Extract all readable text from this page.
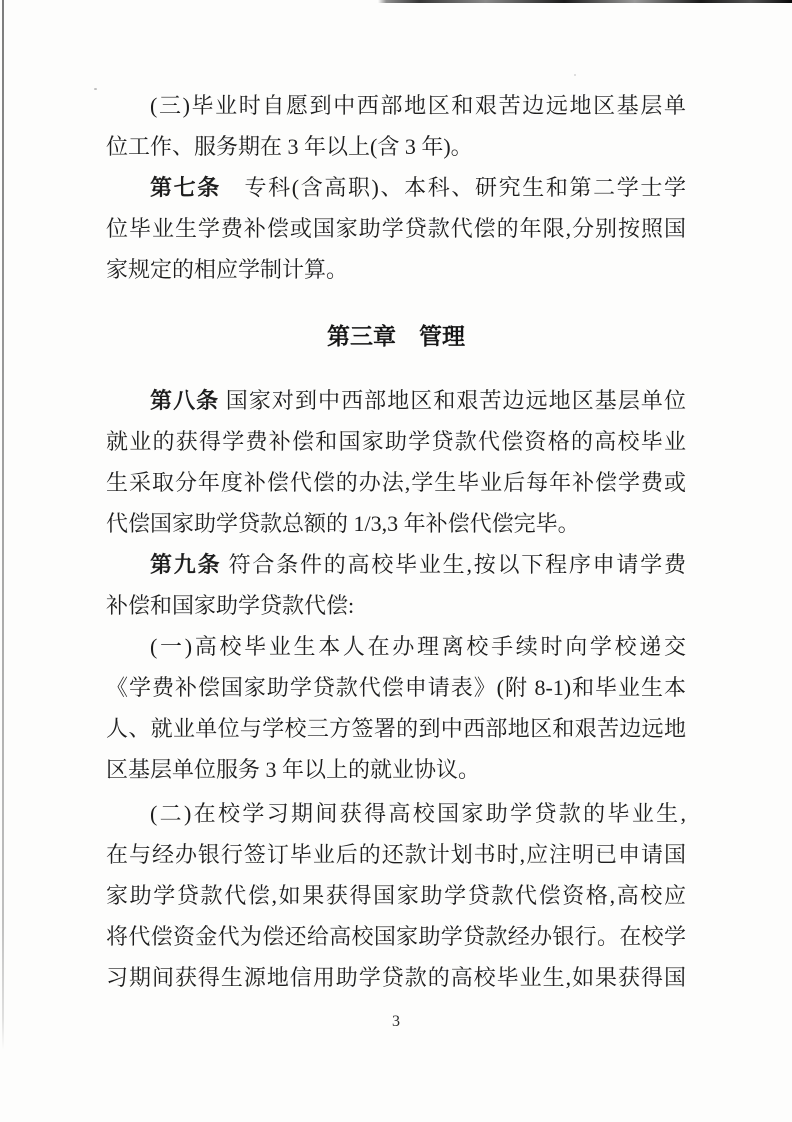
(三)毕业时自愿到中西部地区和艰苦边远地区基层单
位工作、服务期在 3 年以上(含 3 年)。
第七条　专科(含高职)、本科、研究生和第二学士学
位毕业生学费补偿或国家助学贷款代偿的年限,分别按照国
家规定的相应学制计算。
第三章　管理
第八条 国家对到中西部地区和艰苦边远地区基层单位
就业的获得学费补偿和国家助学贷款代偿资格的高校毕业
生采取分年度补偿代偿的办法,学生毕业后每年补偿学费或
代偿国家助学贷款总额的 1/3,3 年补偿代偿完毕。
第九条 符合条件的高校毕业生,按以下程序申请学费
补偿和国家助学贷款代偿:
(一)高校毕业生本人在办理离校手续时向学校递交
《学费补偿国家助学贷款代偿申请表》(附 8-1)和毕业生本
人、就业单位与学校三方签署的到中西部地区和艰苦边远地
区基层单位服务 3 年以上的就业协议。
(二)在校学习期间获得高校国家助学贷款的毕业生,
在与经办银行签订毕业后的还款计划书时,应注明已申请国
家助学贷款代偿,如果获得国家助学贷款代偿资格,高校应
将代偿资金代为偿还给高校国家助学贷款经办银行。在校学
习期间获得生源地信用助学贷款的高校毕业生,如果获得国
3
